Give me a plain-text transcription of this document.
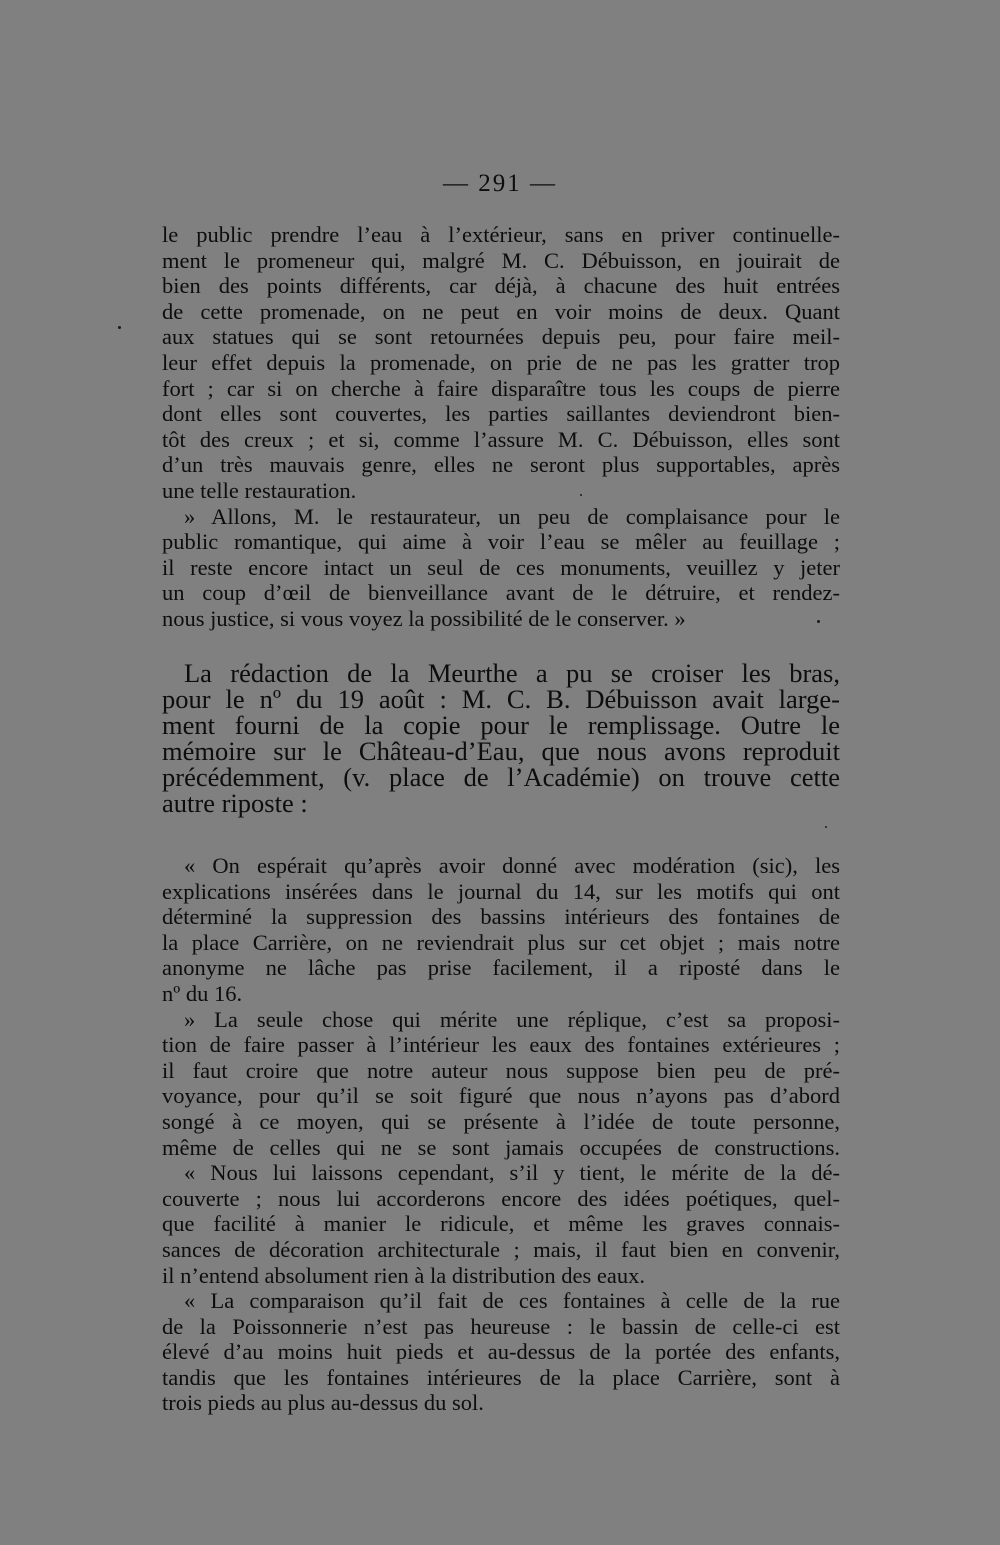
— 291 —
le public prendre l’eau à l’extérieur, sans en priver continuelle-
ment le promeneur qui, malgré M. C. Débuisson, en jouirait de
bien des points différents, car déjà, à chacune des huit entrées
de cette promenade, on ne peut en voir moins de deux. Quant
aux statues qui se sont retournées depuis peu, pour faire meil-
leur effet depuis la promenade, on prie de ne pas les gratter trop
fort ; car si on cherche à faire disparaître tous les coups de pierre
dont elles sont couvertes, les parties saillantes deviendront bien-
tôt des creux ; et si, comme l’assure M. C. Débuisson, elles sont
d’un très mauvais genre, elles ne seront plus supportables, après
une telle restauration.
» Allons, M. le restaurateur, un peu de complaisance pour le
public romantique, qui aime à voir l’eau se mêler au feuillage ;
il reste encore intact un seul de ces monuments, veuillez y jeter
un coup d’œil de bienveillance avant de le détruire, et rendez-
nous justice, si vous voyez la possibilité de le conserver. »
La rédaction de la Meurthe a pu se croiser les bras,
pour le nº du 19 août : M. C. B. Débuisson avait large-
ment fourni de la copie pour le remplissage. Outre le
mémoire sur le Château-d’Eau, que nous avons reproduit
précédemment, (v. place de l’Académie) on trouve cette
autre riposte :
« On espérait qu’après avoir donné avec modération (sic), les
explications insérées dans le journal du 14, sur les motifs qui ont
déterminé la suppression des bassins intérieurs des fontaines de
la place Carrière, on ne reviendrait plus sur cet objet ; mais notre
anonyme ne lâche pas prise facilement, il a riposté dans le
nº du 16.
» La seule chose qui mérite une réplique, c’est sa proposi-
tion de faire passer à l’intérieur les eaux des fontaines extérieures ;
il faut croire que notre auteur nous suppose bien peu de pré-
voyance, pour qu’il se soit figuré que nous n’ayons pas d’abord
songé à ce moyen, qui se présente à l’idée de toute personne,
même de celles qui ne se sont jamais occupées de constructions.
« Nous lui laissons cependant, s’il y tient, le mérite de la dé-
couverte ; nous lui accorderons encore des idées poétiques, quel-
que facilité à manier le ridicule, et même les graves connais-
sances de décoration architecturale ; mais, il faut bien en convenir,
il n’entend absolument rien à la distribution des eaux.
« La comparaison qu’il fait de ces fontaines à celle de la rue
de la Poissonnerie n’est pas heureuse : le bassin de celle-ci est
élevé d’au moins huit pieds et au-dessus de la portée des enfants,
tandis que les fontaines intérieures de la place Carrière, sont à
trois pieds au plus au-dessus du sol.
